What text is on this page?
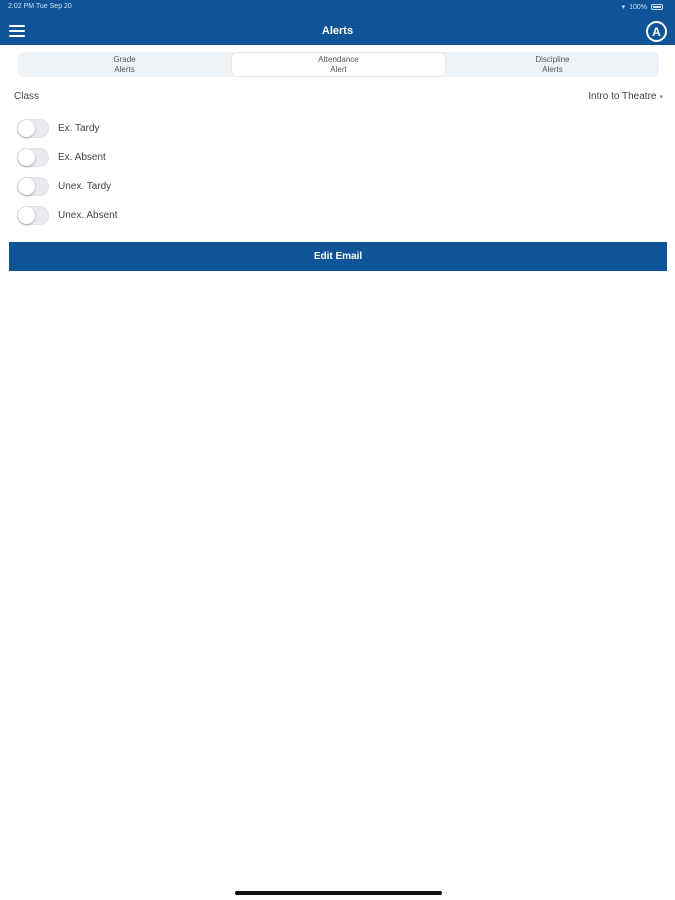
2:02 PM Tue Sep 20	▾ 100%
Alerts	A
Grade
Alerts
Attendance
Alert
Discipline
Alerts
Class	Intro to Theatre ▾
Ex. Tardy
Ex. Absent
Unex. Tardy
Unex. Absent
Edit Email
